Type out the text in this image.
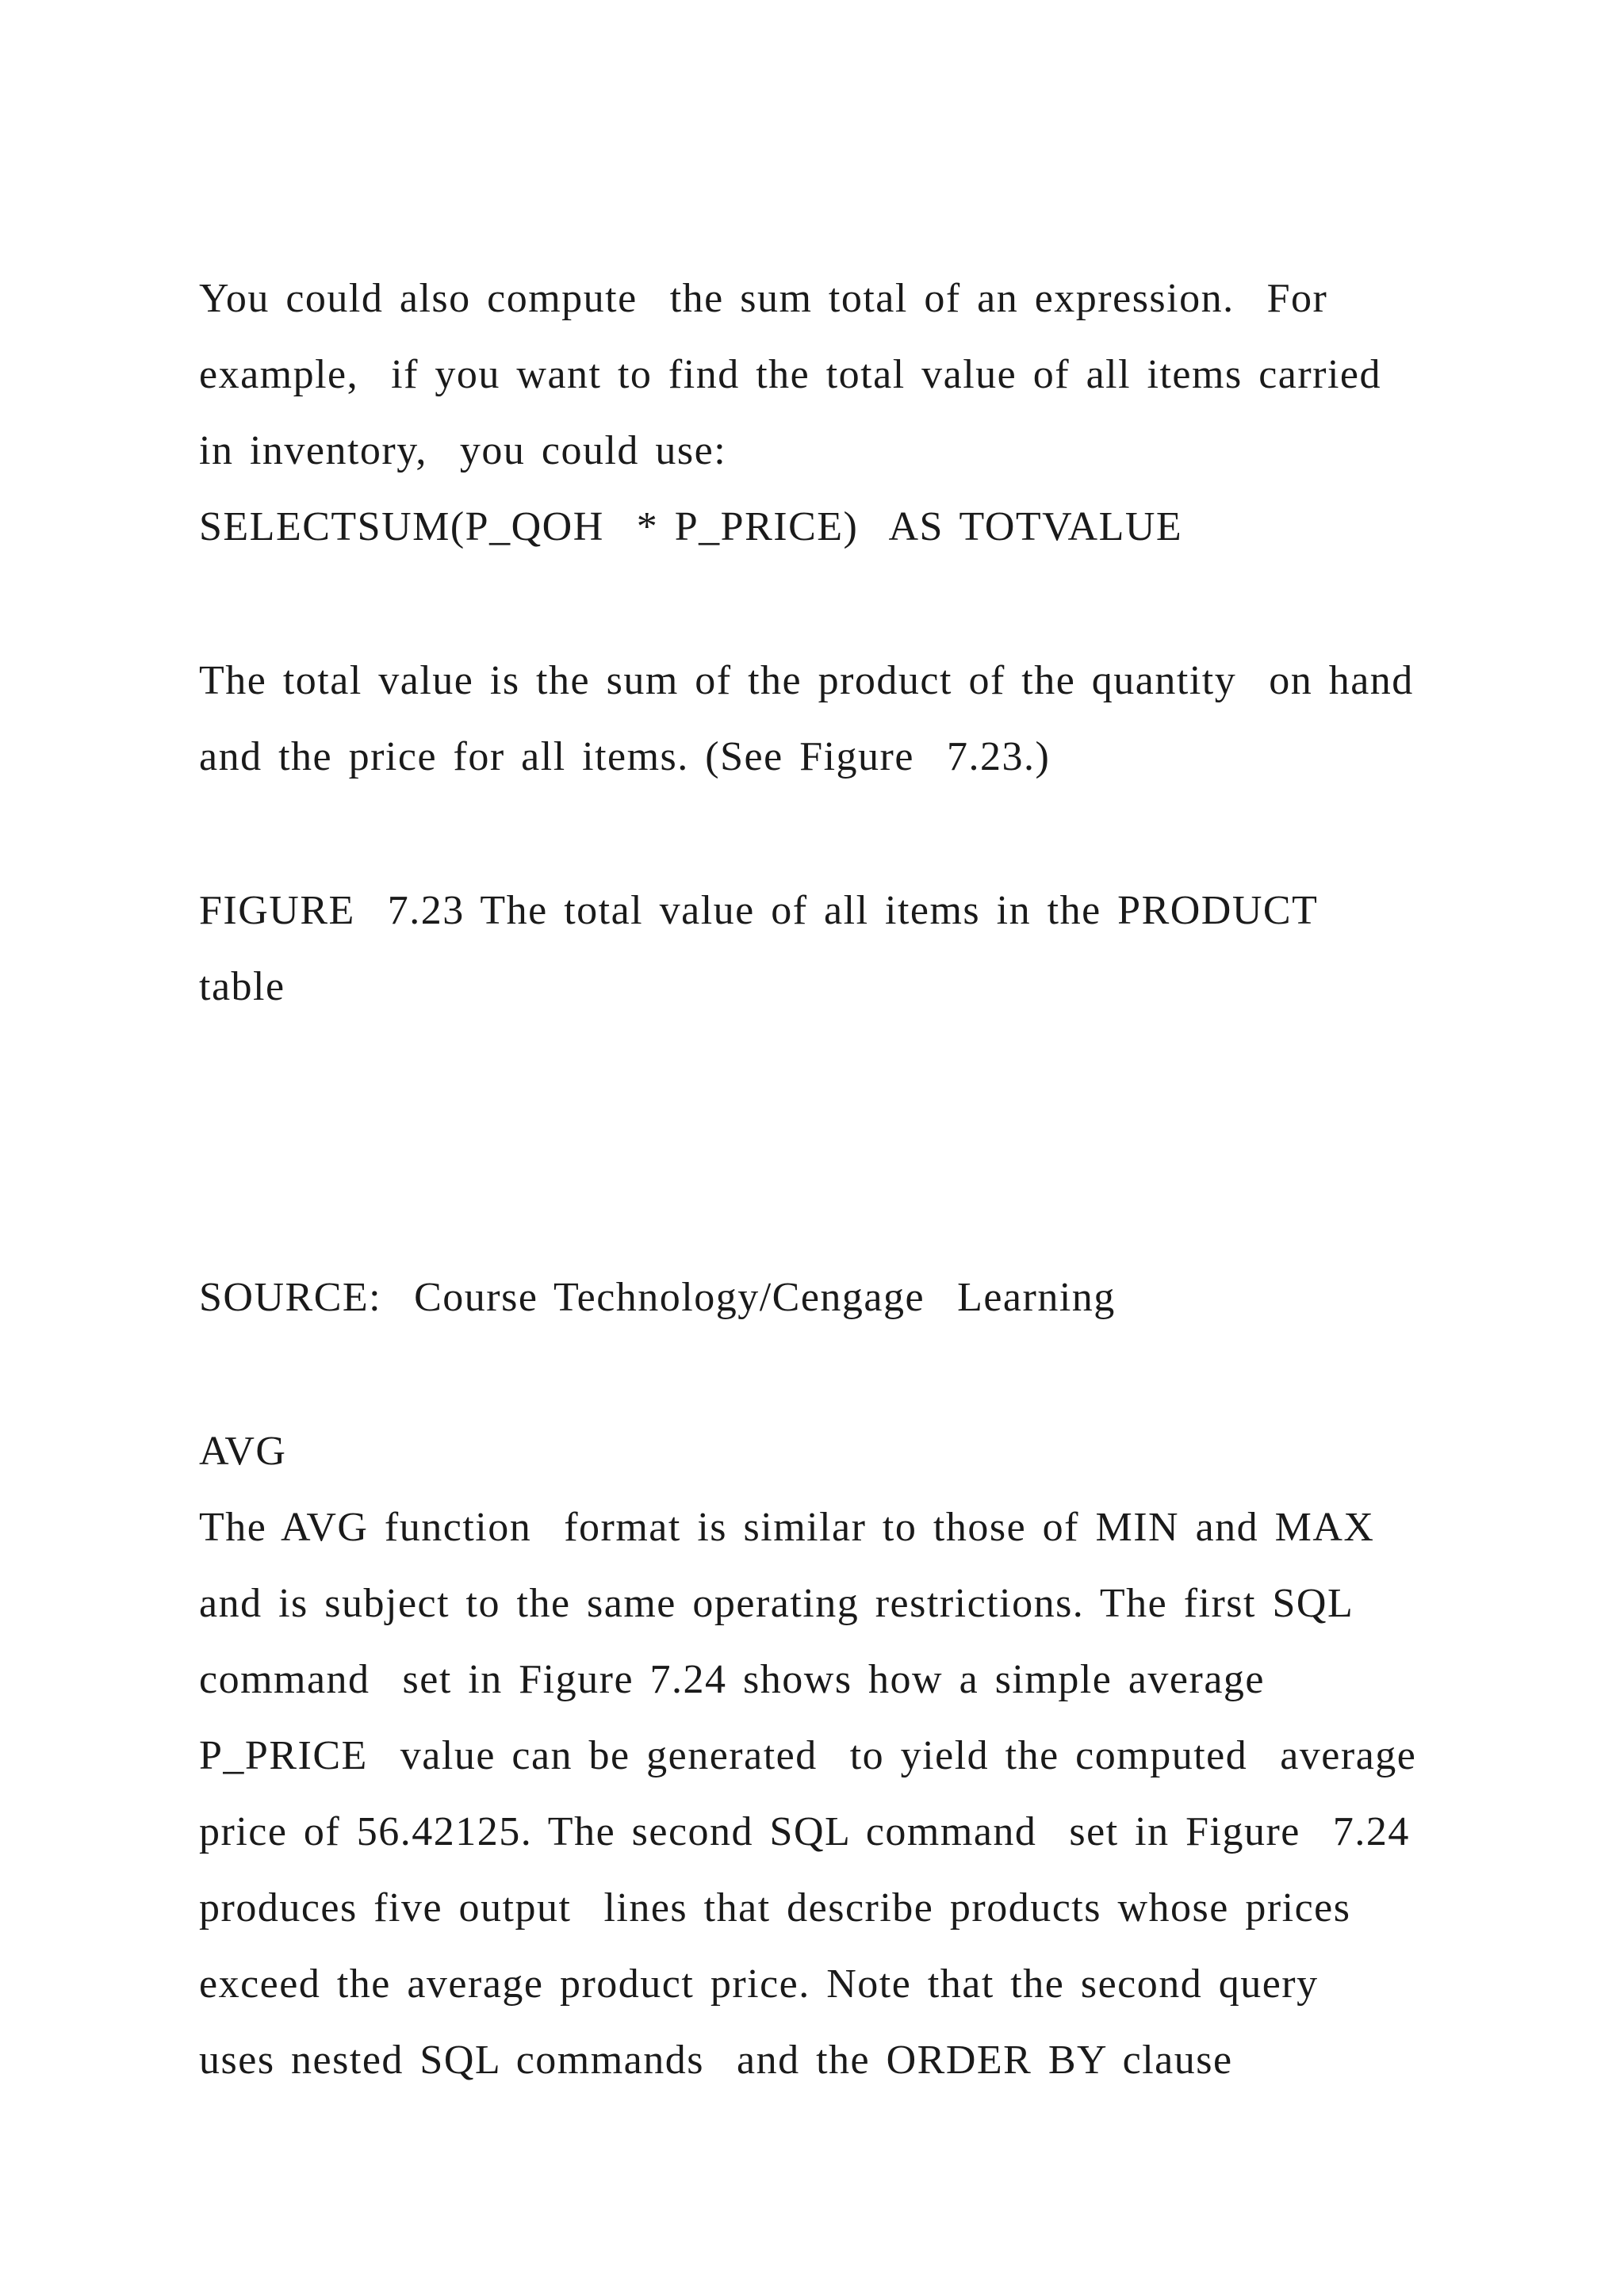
You could also compute  the sum total of an expression.  For
example,  if you want to find the total value of all items carried
in inventory,  you could use:
SELECTSUM(P_QOH  * P_PRICE)  AS TOTVALUE
The total value is the sum of the product of the quantity  on hand
and the price for all items. (See Figure  7.23.)
FIGURE  7.23 The total value of all items in the PRODUCT
table
SOURCE:  Course Technology/Cengage  Learning
AVG
The AVG function  format is similar to those of MIN and MAX
and is subject to the same operating restrictions. The first SQL
command  set in Figure 7.24 shows how a simple average
P_PRICE  value can be generated  to yield the computed  average
price of 56.42125. The second SQL command  set in Figure  7.24
produces five output  lines that describe products whose prices
exceed the average product price. Note that the second query
uses nested SQL commands  and the ORDER BY clause
